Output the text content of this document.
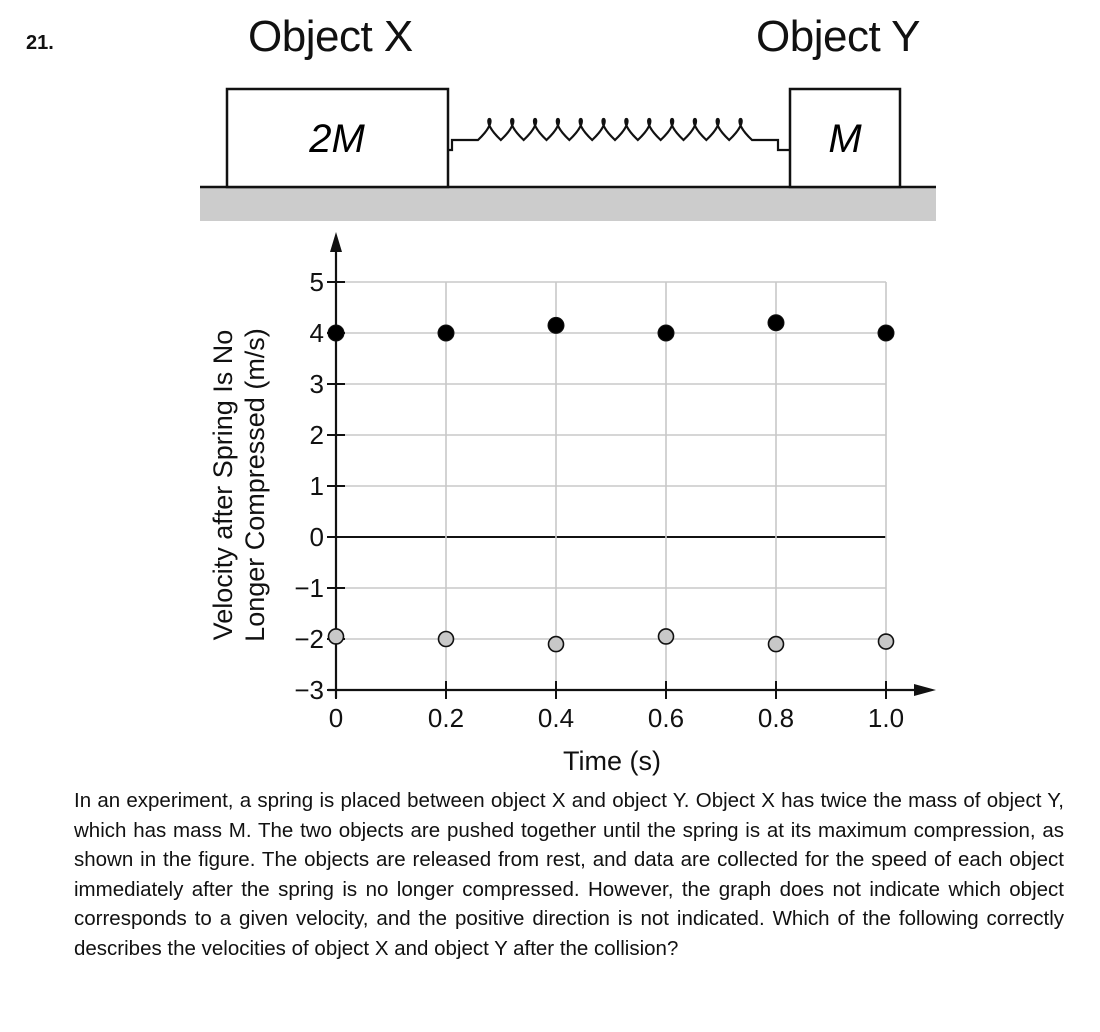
21.	Object X	Object Y
2M	M
−3
−2
−1
0
1
2
3
4
5
0	0.2	0.4	0.6	0.8	1.0
Time (s)
Velocity after Spring Is No Longer Compressed (m/s)
In an experiment, a spring is placed between object X and object Y. Object X has twice the mass of object Y, which has mass M. The two objects are pushed together until the spring is at its maximum compression, as shown in the figure. The objects are released from rest, and data are collected for the speed of each object immediately after the spring is no longer compressed. However, the graph does not indicate which object corresponds to a given velocity, and the positive direction is not indicated. Which of the following correctly describes the velocities of object X and object Y after the collision?
